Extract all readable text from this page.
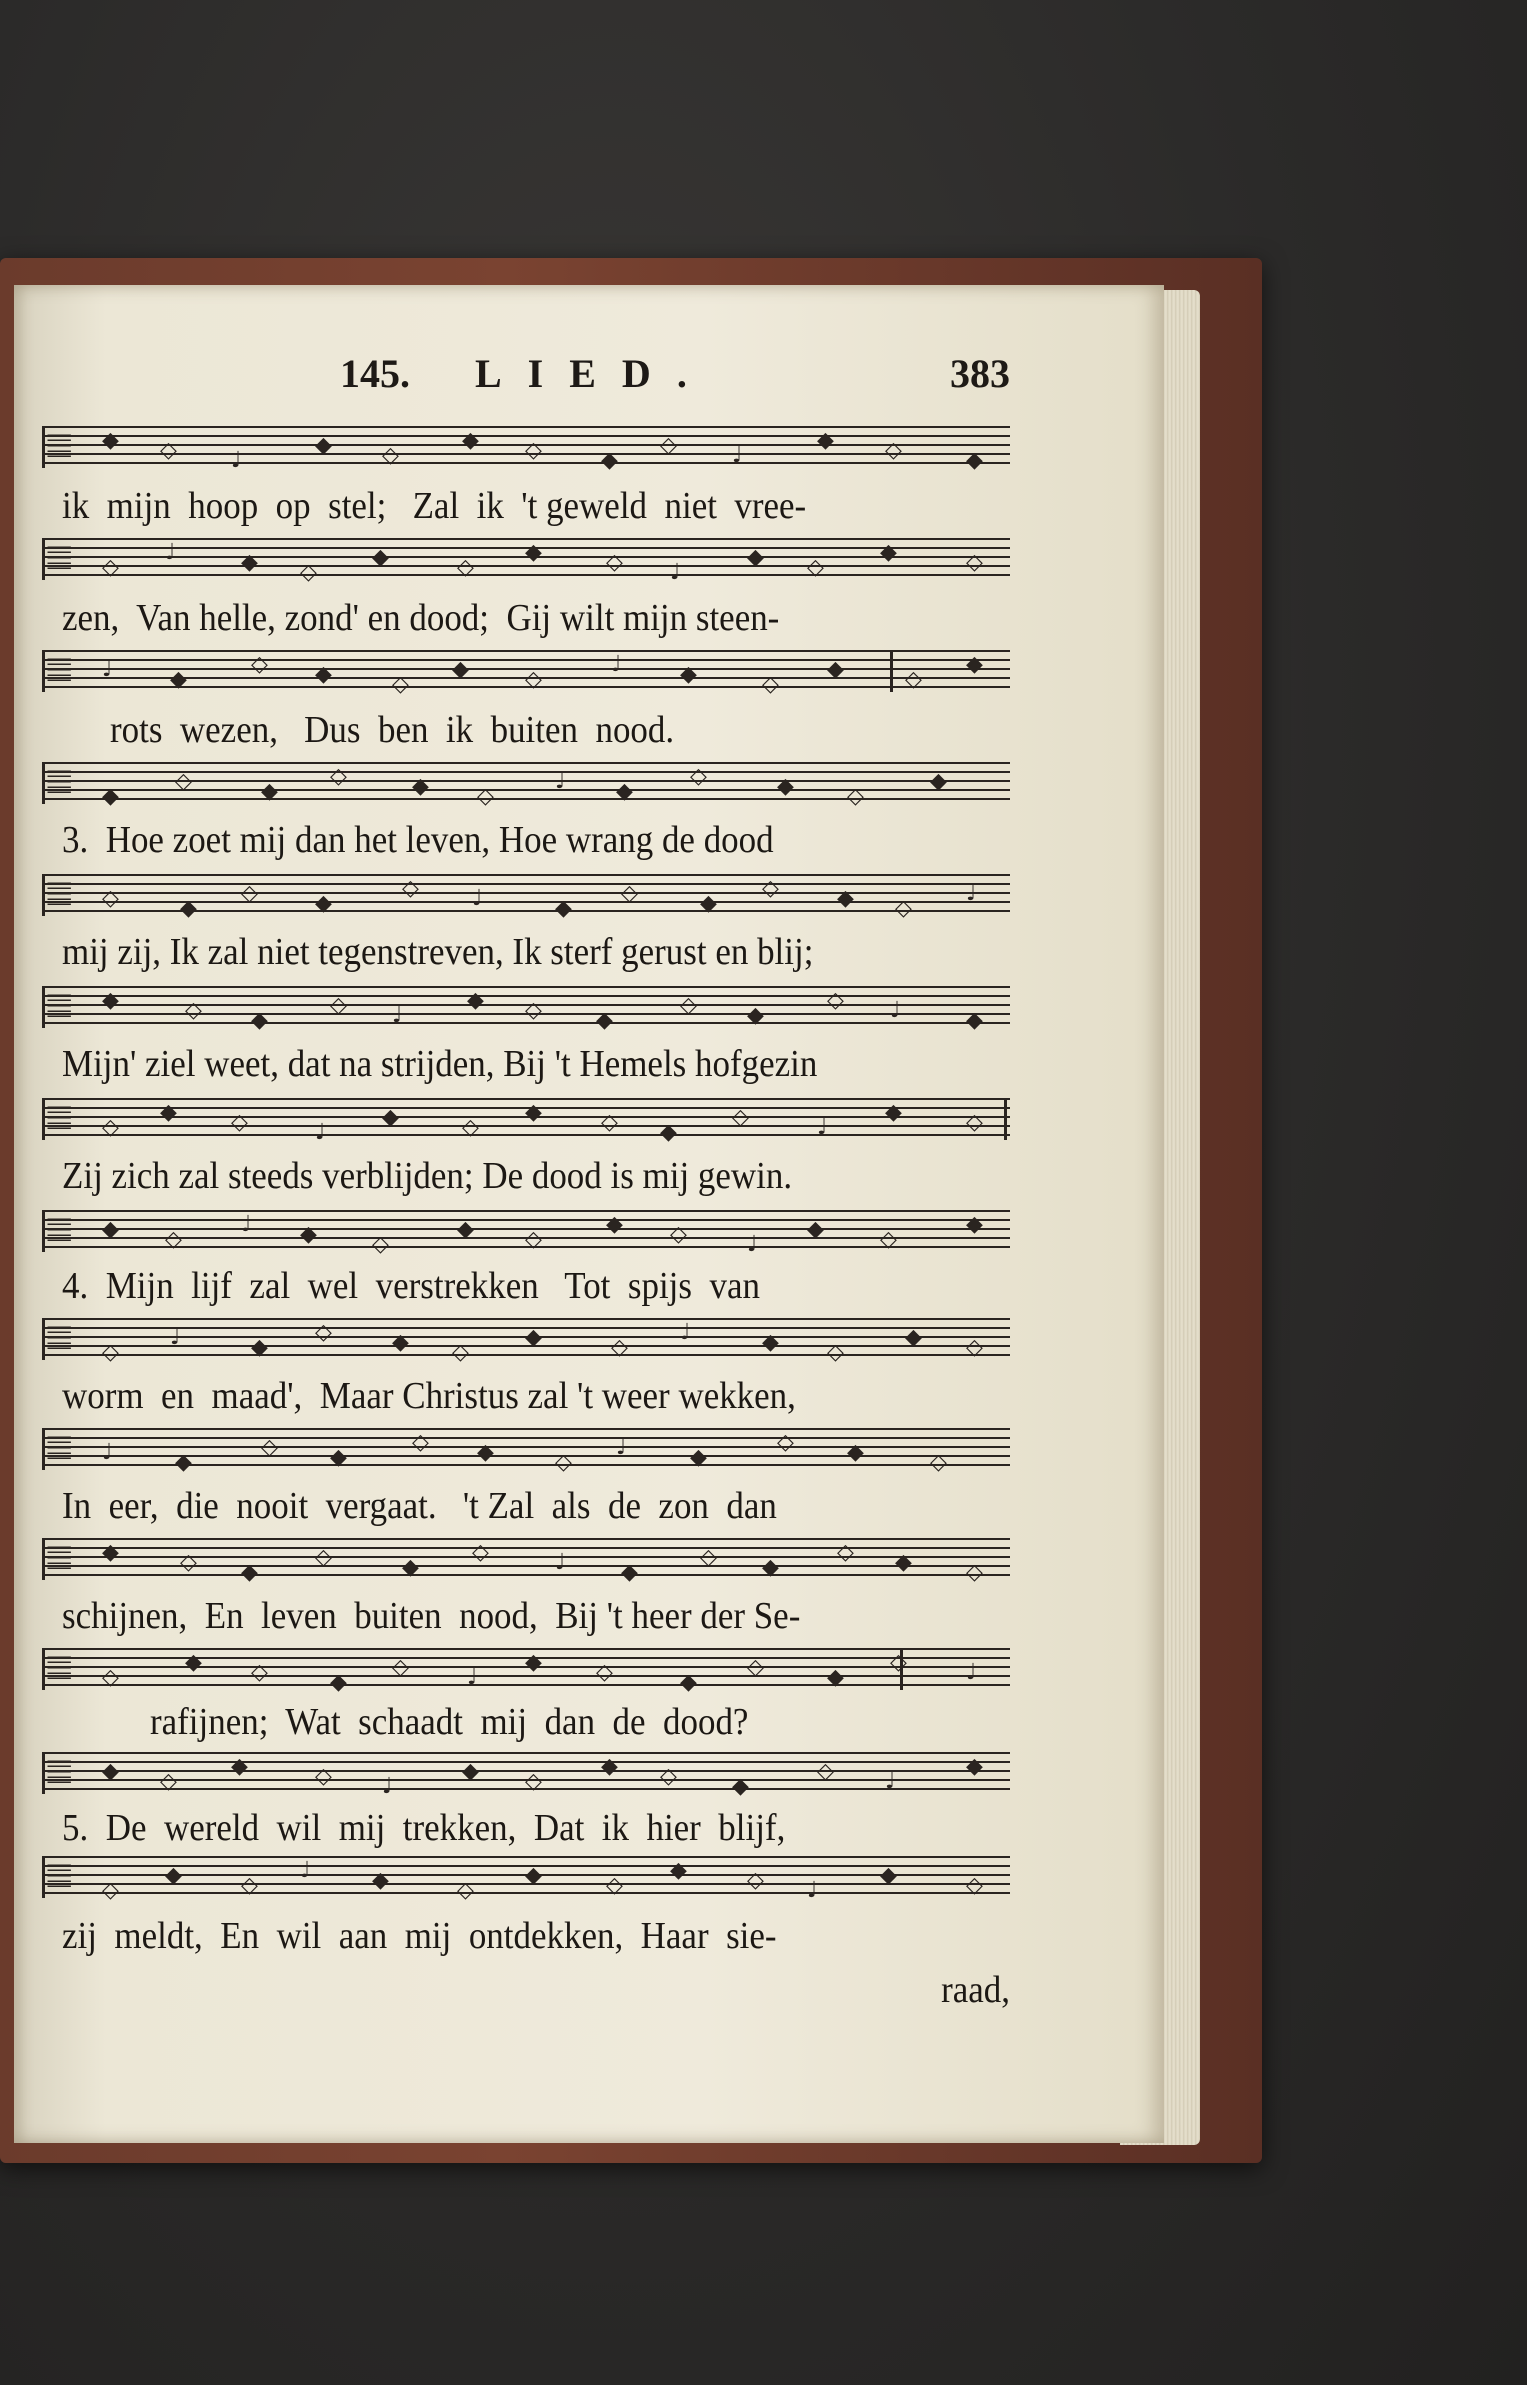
145. LIED.	383
𝄚 ◆ ◇ ♩
◆ ◇
◆ ◇	◆
◇	♩
◆ ◇	◆
𝄚 ◇
♩	◆ ◇
◆	◇
◆	◇ ♩
◆ ◇
◆	◇
𝄚 ♩	◆
◇ ◆	◇
◆	◇
♩	◆	◇
◆	◇
◆
𝄚 ◆
◇	◆
◇	◆ ◇
♩ ◆
◇	◆ ◇
◆
𝄚 ◇	◆
◇	◆
◇ ♩	◆
◇	◆
◇	◆ ◇
♩
𝄚 ◆	◇ ◆
◇ ♩
◆ ◇ ◆
◇ ◆
◇ ♩	◆
𝄚 ◇
◆ ◇	♩
◆	◇
◆	◇ ◆
◇	♩
◆	◇
𝄚 ◆ ◇
♩ ◆	◇
◆ ◇
◆ ◇	♩
◆	◇
◆
𝄚 ◇
♩	◆
◇	◆ ◇
◆	◇
♩	◆ ◇
◆ ◇
𝄚 ♩	◆
◇ ◆
◇ ◆	◇
♩	◆
◇ ◆	◇
𝄚 ◆	◇ ◆
◇	◆
◇	♩	◆
◇ ◆
◇ ◆ ◇
𝄚 ◇
◆ ◇	◆
◇	♩
◆ ◇	◆
◇	◆
◇	♩
𝄚 ◆ ◇
◆	◇ ♩
◆ ◇
◆ ◇	◆
◇ ♩
◆
𝄚 ◇
◆	◇
♩	◆	◇
◆	◇
◆	◇ ♩
◆	◇
ik  mijn  hoop  op  stel;   Zal  ik  't geweld  niet  vree-
zen,  Van helle, zond' en dood;  Gij wilt mijn steen-
rots  wezen,   Dus  ben  ik  buiten  nood.
3.  Hoe zoet mij dan het leven, Hoe wrang de dood
mij zij, Ik zal niet tegenstreven, Ik sterf gerust en blij;
Mijn' ziel weet, dat na strijden, Bij 't Hemels hofgezin
Zij zich zal steeds verblijden; De dood is mij gewin.
4.  Mijn  lijf  zal  wel  verstrekken   Tot  spijs  van
worm  en  maad',  Maar Christus zal 't weer wekken,
In  eer,  die  nooit  vergaat.   't Zal  als  de  zon  dan
schijnen,  En  leven  buiten  nood,  Bij 't heer der Se-
rafijnen;  Wat  schaadt  mij  dan  de  dood?
5.  De  wereld  wil  mij  trekken,  Dat  ik  hier  blijf,
zij  meldt,  En  wil  aan  mij  ontdekken,  Haar  sie-
raad,
